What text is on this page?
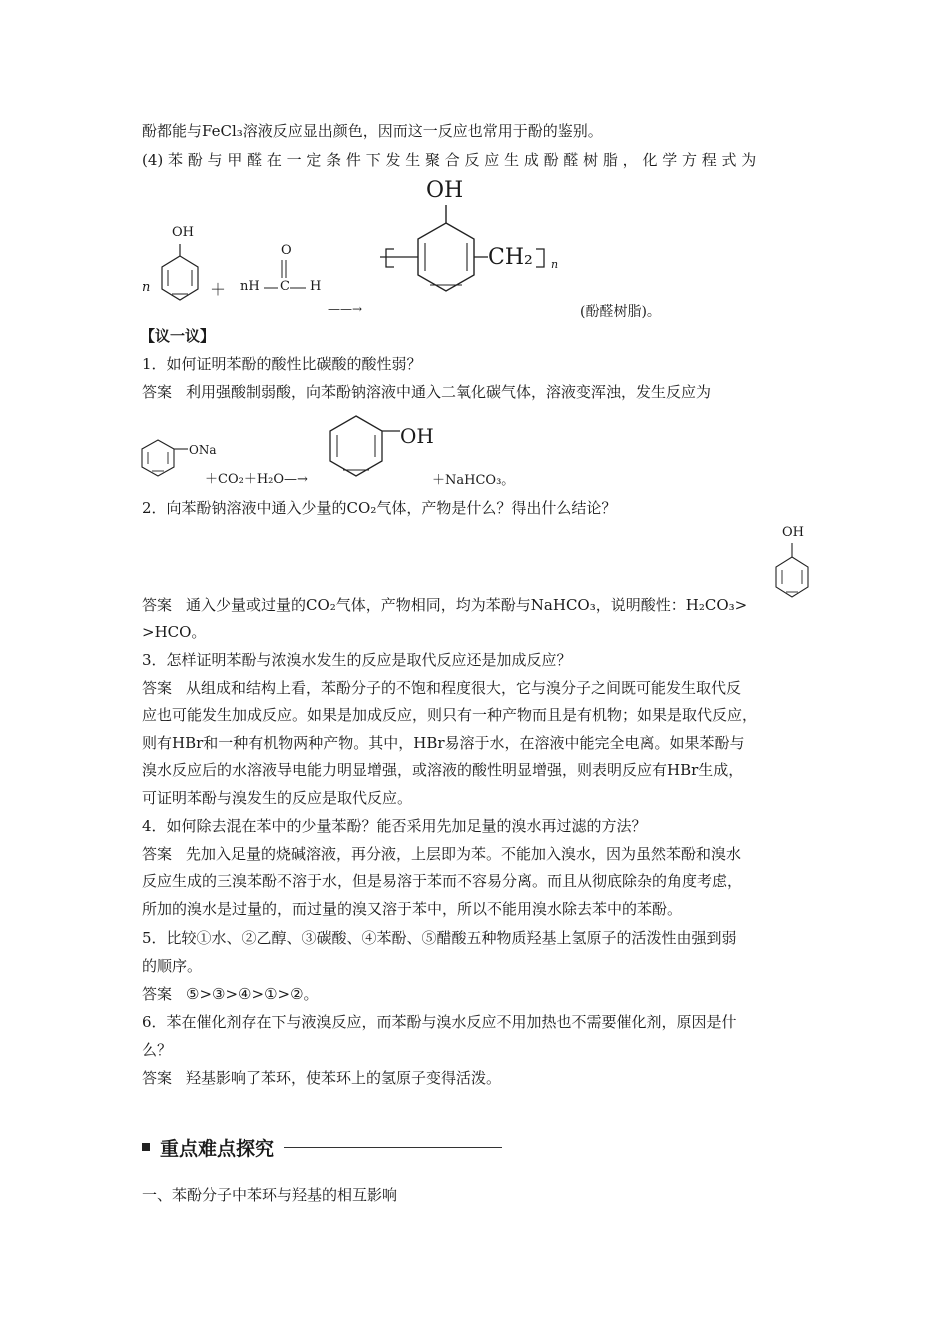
酚都能与FeCl₃溶液反应显出颜色，因而这一反应也常用于酚的鉴别。
(4) 苯 酚 与 甲 醛 在 一 定 条 件 下 发 生 聚 合 反 应 生 成 酚 醛 树 脂 ， 化 学 方 程 式 为
OH
n	＋ nH
O
C H
——→
OH
CH₂ n
(酚醛树脂)。
【议一议】
1．如何证明苯酚的酸性比碳酸的酸性弱？
答案 利用强酸制弱酸，向苯酚钠溶液中通入二氧化碳气体，溶液变浑浊，发生反应为
ONa
＋CO₂＋H₂O—→
OH
＋NaHCO₃。
2．向苯酚钠溶液中通入少量的CO₂气体，产物是什么？得出什么结论？
OH
答案 通入少量或过量的CO₂气体，产物相同，均为苯酚与NaHCO₃，说明酸性：H₂CO₃>
>HCO。
3．怎样证明苯酚与浓溴水发生的反应是取代反应还是加成反应？
答案 从组成和结构上看，苯酚分子的不饱和程度很大，它与溴分子之间既可能发生取代反
应也可能发生加成反应。如果是加成反应，则只有一种产物而且是有机物；如果是取代反应，
则有HBr和一种有机物两种产物。其中，HBr易溶于水，在溶液中能完全电离。如果苯酚与
溴水反应后的水溶液导电能力明显增强，或溶液的酸性明显增强，则表明反应有HBr生成，
可证明苯酚与溴发生的反应是取代反应。
4．如何除去混在苯中的少量苯酚？能否采用先加足量的溴水再过滤的方法？
答案 先加入足量的烧碱溶液，再分液，上层即为苯。不能加入溴水，因为虽然苯酚和溴水
反应生成的三溴苯酚不溶于水，但是易溶于苯而不容易分离。而且从彻底除杂的角度考虑，
所加的溴水是过量的，而过量的溴又溶于苯中，所以不能用溴水除去苯中的苯酚。
5．比较①水、②乙醇、③碳酸、④苯酚、⑤醋酸五种物质羟基上氢原子的活泼性由强到弱
的顺序。
答案 ⑤>③>④>①>②。
6．苯在催化剂存在下与液溴反应，而苯酚与溴水反应不用加热也不需要催化剂，原因是什
么？
答案 羟基影响了苯环，使苯环上的氢原子变得活泼。
重点难点探究
一、苯酚分子中苯环与羟基的相互影响
